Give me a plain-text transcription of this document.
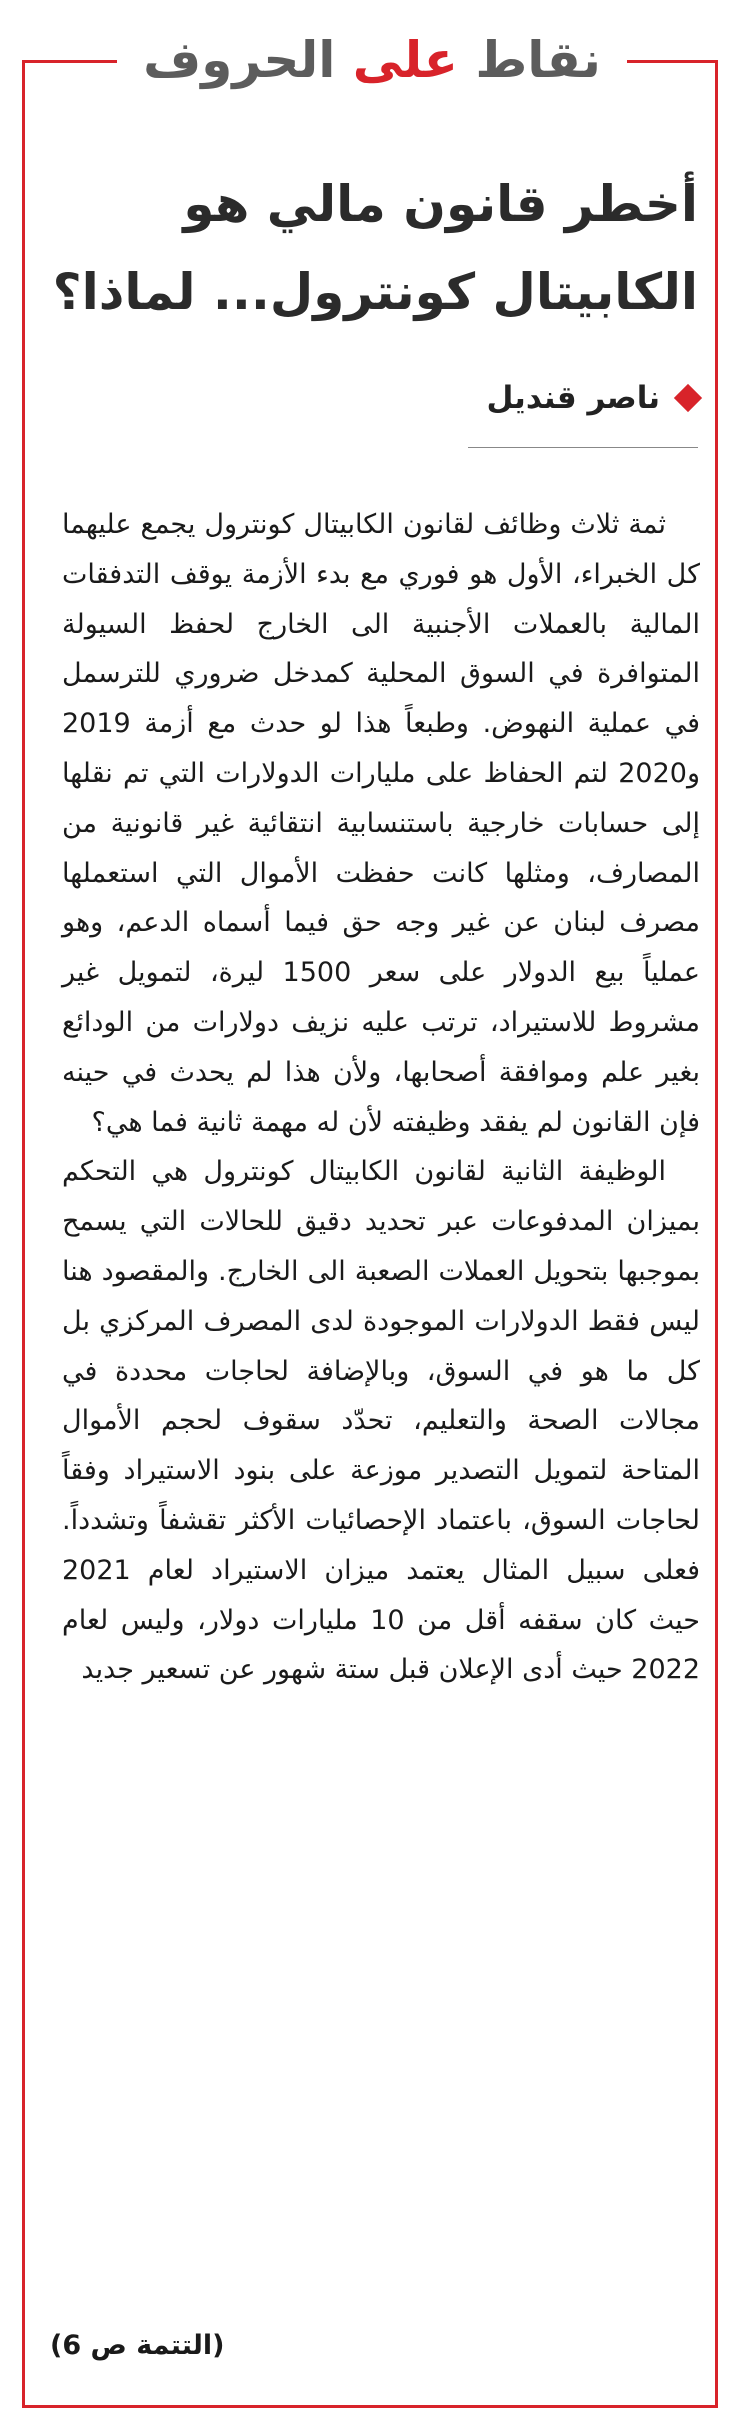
نقاط على الحروف
أخطر قانون مالي هو
الكابيتال كونترول... لماذا؟
ناصر قنديل

ثمة ثلاث وظائف لقانون الكابيتال كونترول يجمع عليهما كل الخبراء، الأول هو فوري مع بدء الأزمة يوقف التدفقات المالية بالعملات الأجنبية الى الخارج لحفظ السيولة المتوافرة في السوق المحلية كمدخل ضروري للترسمل في عملية النهوض. وطبعاً هذا لو حدث مع أزمة 2019 و2020 لتم الحفاظ على مليارات الدولارات التي تم نقلها إلى حسابات خارجية باستنسابية انتقائية غير قانونية من المصارف، ومثلها كانت حفظت الأموال التي استعملها مصرف لبنان عن غير وجه حق فيما أسماه الدعم، وهو عملياً بيع الدولار على سعر 1500 ليرة، لتمويل غير مشروط للاستيراد، ترتب عليه نزيف دولارات من الودائع بغير علم وموافقة أصحابها، ولأن هذا لم يحدث في حينه فإن القانون لم يفقد وظيفته لأن له مهمة ثانية فما هي؟

الوظيفة الثانية لقانون الكابيتال كونترول هي التحكم بميزان المدفوعات عبر تحديد دقيق للحالات التي يسمح بموجبها بتحويل العملات الصعبة الى الخارج. والمقصود هنا ليس فقط الدولارات الموجودة لدى المصرف المركزي بل كل ما هو في السوق، وبالإضافة لحاجات محددة في مجالات الصحة والتعليم، تحدّد سقوف لحجم الأموال المتاحة لتمويل التصدير موزعة على بنود الاستيراد وفقاً لحاجات السوق، باعتماد الإحصائيات الأكثر تقشفاً وتشدداً. فعلى سبيل المثال يعتمد ميزان الاستيراد لعام 2021 حيث كان سقفه أقل من 10 مليارات دولار، وليس لعام 2022 حيث أدى الإعلان قبل ستة شهور عن تسعير جديد

(التتمة ص 6)
